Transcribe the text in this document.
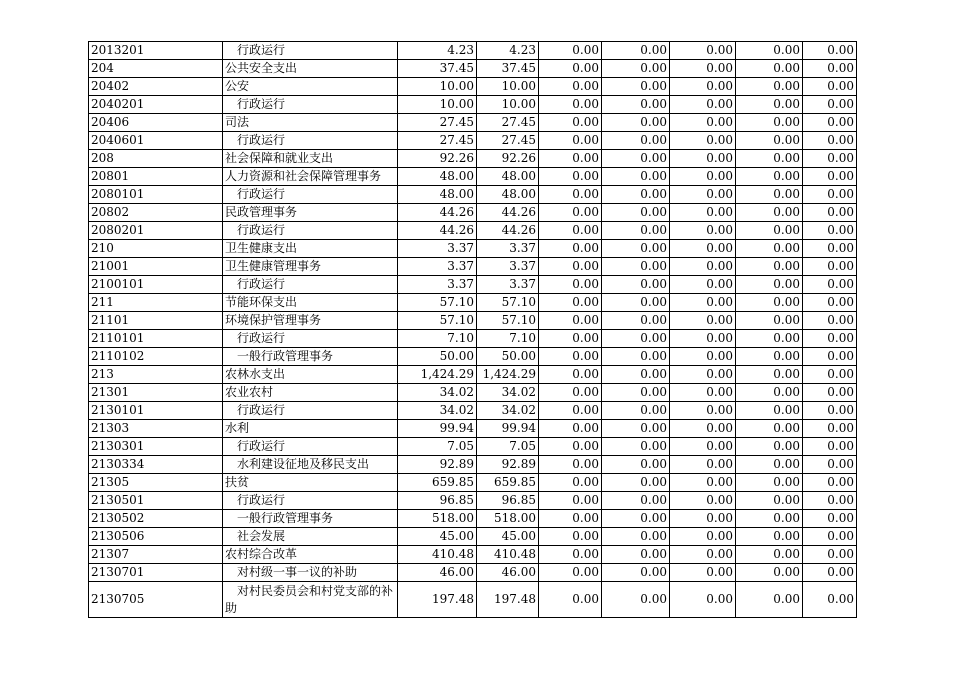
2013201	　行政运行	4.23	4.23	0.00	0.00	0.00	0.00	0.00
204	公共安全支出	37.45	37.45	0.00	0.00	0.00	0.00	0.00
20402	公安	10.00	10.00	0.00	0.00	0.00	0.00	0.00
2040201	　行政运行	10.00	10.00	0.00	0.00	0.00	0.00	0.00
20406	司法	27.45	27.45	0.00	0.00	0.00	0.00	0.00
2040601	　行政运行	27.45	27.45	0.00	0.00	0.00	0.00	0.00
208	社会保障和就业支出	92.26	92.26	0.00	0.00	0.00	0.00	0.00
20801	人力资源和社会保障管理事务	48.00	48.00	0.00	0.00	0.00	0.00	0.00
2080101	　行政运行	48.00	48.00	0.00	0.00	0.00	0.00	0.00
20802	民政管理事务	44.26	44.26	0.00	0.00	0.00	0.00	0.00
2080201	　行政运行	44.26	44.26	0.00	0.00	0.00	0.00	0.00
210	卫生健康支出	3.37	3.37	0.00	0.00	0.00	0.00	0.00
21001	卫生健康管理事务	3.37	3.37	0.00	0.00	0.00	0.00	0.00
2100101	　行政运行	3.37	3.37	0.00	0.00	0.00	0.00	0.00
211	节能环保支出	57.10	57.10	0.00	0.00	0.00	0.00	0.00
21101	环境保护管理事务	57.10	57.10	0.00	0.00	0.00	0.00	0.00
2110101	　行政运行	7.10	7.10	0.00	0.00	0.00	0.00	0.00
2110102	　一般行政管理事务	50.00	50.00	0.00	0.00	0.00	0.00	0.00
213	农林水支出	1,424.29	1,424.29	0.00	0.00	0.00	0.00	0.00
21301	农业农村	34.02	34.02	0.00	0.00	0.00	0.00	0.00
2130101	　行政运行	34.02	34.02	0.00	0.00	0.00	0.00	0.00
21303	水利	99.94	99.94	0.00	0.00	0.00	0.00	0.00
2130301	　行政运行	7.05	7.05	0.00	0.00	0.00	0.00	0.00
2130334	　水利建设征地及移民支出	92.89	92.89	0.00	0.00	0.00	0.00	0.00
21305	扶贫	659.85	659.85	0.00	0.00	0.00	0.00	0.00
2130501	　行政运行	96.85	96.85	0.00	0.00	0.00	0.00	0.00
2130502	　一般行政管理事务	518.00	518.00	0.00	0.00	0.00	0.00	0.00
2130506	　社会发展	45.00	45.00	0.00	0.00	0.00	0.00	0.00
21307	农村综合改革	410.48	410.48	0.00	0.00	0.00	0.00	0.00
2130701	　对村级一事一议的补助	46.00	46.00	0.00	0.00	0.00	0.00	0.00
2130705	　对村民委员会和村党支部的补助	197.48	197.48	0.00	0.00	0.00	0.00	0.00
